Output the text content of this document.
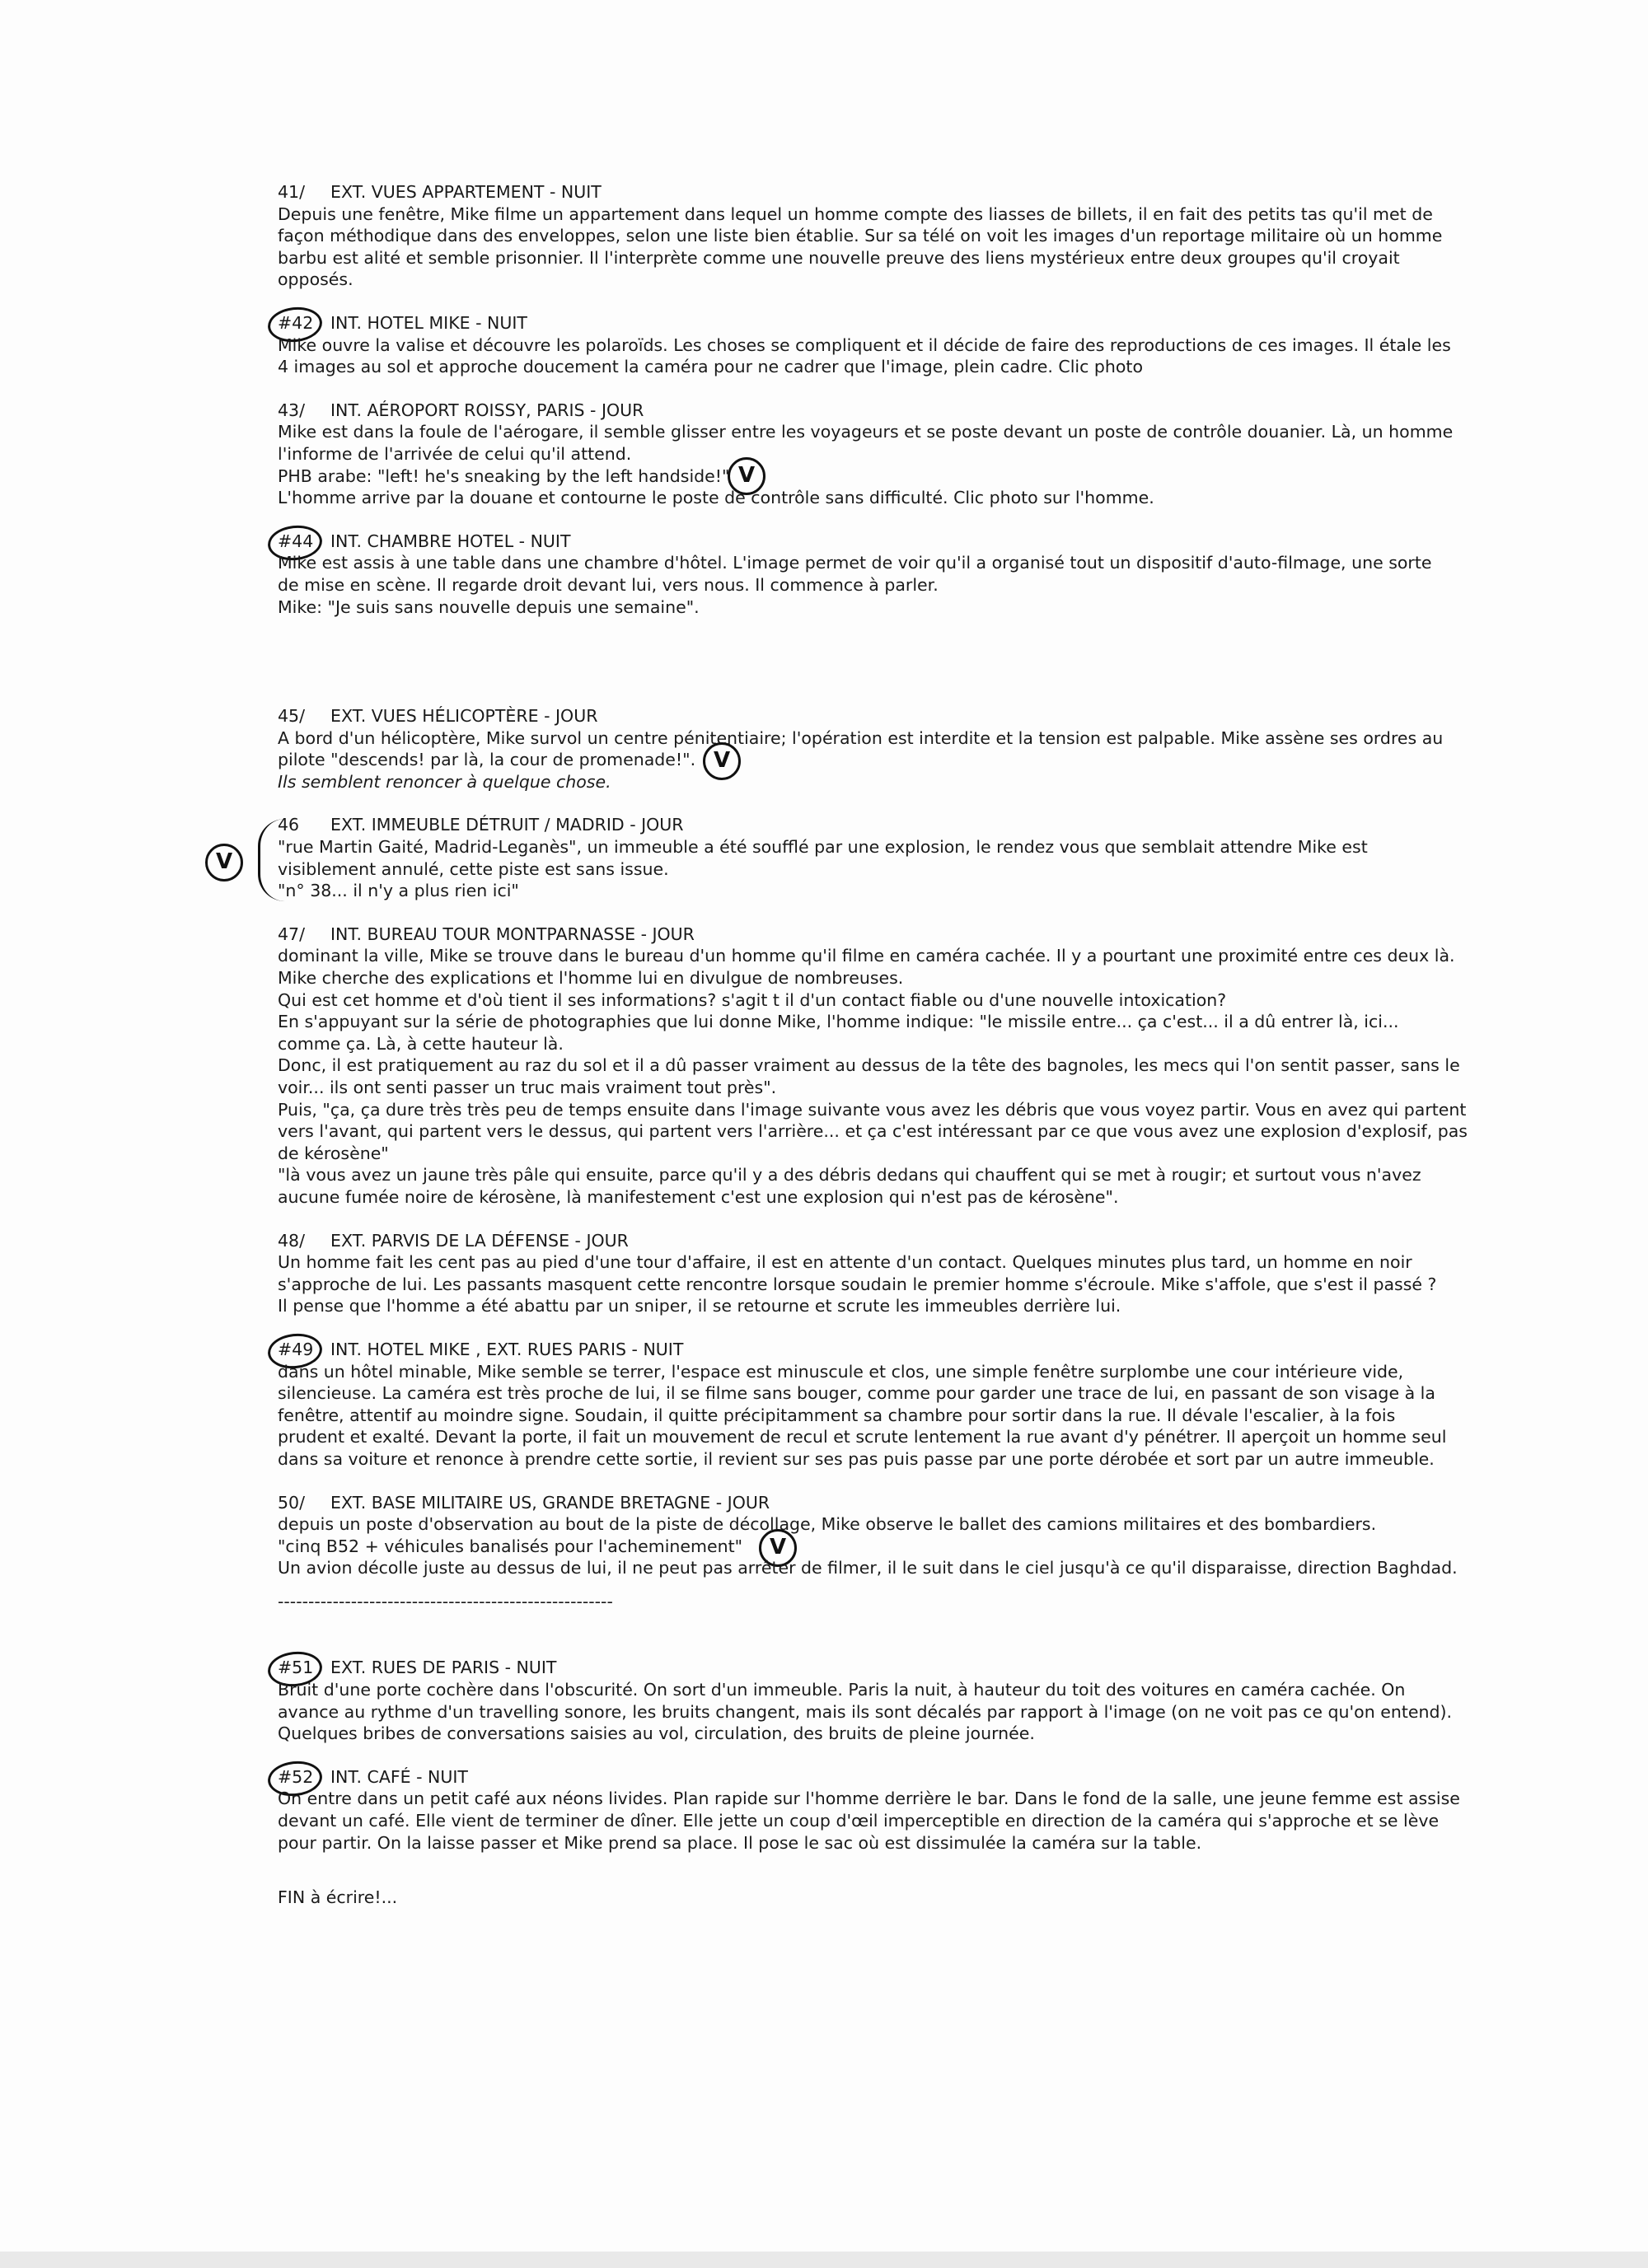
41/ EXT. VUES APPARTEMENT - NUIT
Depuis une fenêtre, Mike filme un appartement dans lequel un homme compte des liasses de billets, il en fait des petits tas qu'il met de
façon méthodique dans des enveloppes, selon une liste bien établie. Sur sa télé on voit les images d'un reportage militaire où un homme
barbu est alité et semble prisonnier. Il l'interprète comme une nouvelle preuve des liens mystérieux entre deux groupes qu'il croyait
opposés.
#42 INT. HOTEL MIKE - NUIT
Mike ouvre la valise et découvre les polaroïds. Les choses se compliquent et il décide de faire des reproductions de ces images. Il étale les
4 images au sol et approche doucement la caméra pour ne cadrer que l'image, plein cadre. Clic photo
43/ INT. AÉROPORT ROISSY, PARIS - JOUR
Mike est dans la foule de l'aérogare, il semble glisser entre les voyageurs et se poste devant un poste de contrôle douanier. Là, un homme
l'informe de l'arrivée de celui qu'il attend.
PHB arabe: "left! he's sneaking by the left handside!" V
L'homme arrive par la douane et contourne le poste de contrôle sans difficulté. Clic photo sur l'homme.
#44 INT. CHAMBRE HOTEL - NUIT
Mike est assis à une table dans une chambre d'hôtel. L'image permet de voir qu'il a organisé tout un dispositif d'auto-filmage, une sorte
de mise en scène. Il regarde droit devant lui, vers nous. Il commence à parler.
Mike: "Je suis sans nouvelle depuis une semaine".
45/ EXT. VUES HÉLICOPTÈRE - JOUR
A bord d'un hélicoptère, Mike survol un centre pénitentiaire; l'opération est interdite et la tension est palpable. Mike assène ses ordres au
pilote "descends! par là, la cour de promenade!". V
Ils semblent renoncer à quelque chose.
V
46 EXT. IMMEUBLE DÉTRUIT / MADRID - JOUR
"rue Martin Gaité, Madrid-Leganès", un immeuble a été soufflé par une explosion, le rendez vous que semblait attendre Mike est
visiblement annulé, cette piste est sans issue.
"n° 38... il n'y a plus rien ici"
47/ INT. BUREAU TOUR MONTPARNASSE - JOUR
dominant la ville, Mike se trouve dans le bureau d'un homme qu'il filme en caméra cachée. Il y a pourtant une proximité entre ces deux là.
Mike cherche des explications et l'homme lui en divulgue de nombreuses.
Qui est cet homme et d'où tient il ses informations? s'agit t il d'un contact fiable ou d'une nouvelle intoxication?
En s'appuyant sur la série de photographies que lui donne Mike, l'homme indique: "le missile entre... ça c'est... il a dû entrer là, ici...
comme ça. Là, à cette hauteur là.
Donc, il est pratiquement au raz du sol et il a dû passer vraiment au dessus de la tête des bagnoles, les mecs qui l'on sentit passer, sans le
voir... ils ont senti passer un truc mais vraiment tout près".
Puis, "ça, ça dure très très peu de temps ensuite dans l'image suivante vous avez les débris que vous voyez partir. Vous en avez qui partent
vers l'avant, qui partent vers le dessus, qui partent vers l'arrière... et ça c'est intéressant par ce que vous avez une explosion d'explosif, pas
de kérosène"
"là vous avez un jaune très pâle qui ensuite, parce qu'il y a des débris dedans qui chauffent qui se met à rougir; et surtout vous n'avez
aucune fumée noire de kérosène, là manifestement c'est une explosion qui n'est pas de kérosène".
48/ EXT. PARVIS DE LA DÉFENSE - JOUR
Un homme fait les cent pas au pied d'une tour d'affaire, il est en attente d'un contact. Quelques minutes plus tard, un homme en noir
s'approche de lui. Les passants masquent cette rencontre lorsque soudain le premier homme s'écroule. Mike s'affole, que s'est il passé ?
Il pense que l'homme a été abattu par un sniper, il se retourne et scrute les immeubles derrière lui.
#49 INT. HOTEL MIKE , EXT. RUES PARIS - NUIT
dans un hôtel minable, Mike semble se terrer, l'espace est minuscule et clos, une simple fenêtre surplombe une cour intérieure vide,
silencieuse. La caméra est très proche de lui, il se filme sans bouger, comme pour garder une trace de lui, en passant de son visage à la
fenêtre, attentif au moindre signe. Soudain, il quitte précipitamment sa chambre pour sortir dans la rue. Il dévale l'escalier, à la fois
prudent et exalté. Devant la porte, il fait un mouvement de recul et scrute lentement la rue avant d'y pénétrer. Il aperçoit un homme seul
dans sa voiture et renonce à prendre cette sortie, il revient sur ses pas puis passe par une porte dérobée et sort par un autre immeuble.
50/ EXT. BASE MILITAIRE US, GRANDE BRETAGNE - JOUR
depuis un poste d'observation au bout de la piste de décollage, Mike observe le ballet des camions militaires et des bombardiers.
"cinq B52 + véhicules banalisés pour l'acheminement"	V
Un avion décolle juste au dessus de lui, il ne peut pas arrêter de filmer, il le suit dans le ciel jusqu'à ce qu'il disparaisse, direction Baghdad.
-------------------------------------------------------
#51 EXT. RUES DE PARIS - NUIT
Bruit d'une porte cochère dans l'obscurité. On sort d'un immeuble. Paris la nuit, à hauteur du toit des voitures en caméra cachée. On
avance au rythme d'un travelling sonore, les bruits changent, mais ils sont décalés par rapport à l'image (on ne voit pas ce qu'on entend).
Quelques bribes de conversations saisies au vol, circulation, des bruits de pleine journée.
#52 INT. CAFÉ - NUIT
On entre dans un petit café aux néons livides. Plan rapide sur l'homme derrière le bar. Dans le fond de la salle, une jeune femme est assise
devant un café. Elle vient de terminer de dîner. Elle jette un coup d'œil imperceptible en direction de la caméra qui s'approche et se lève
pour partir. On la laisse passer et Mike prend sa place. Il pose le sac où est dissimulée la caméra sur la table.
FIN à écrire!...
